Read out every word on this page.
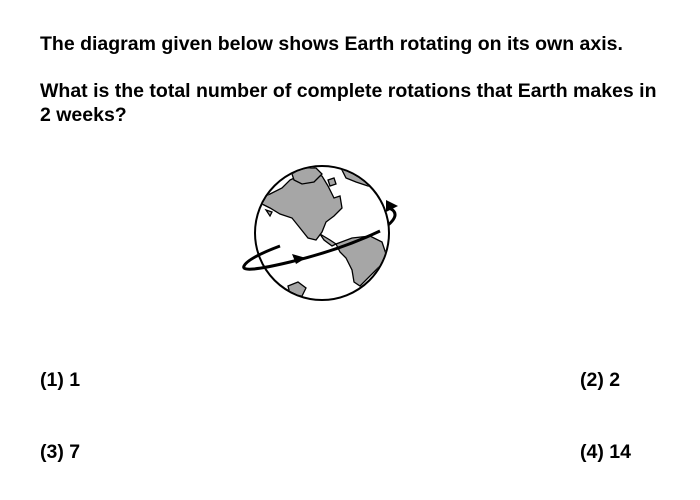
The diagram given below shows Earth rotating on its own axis.

What is the total number of complete rotations that Earth makes in 2 weeks?

(1) 1	(2) 2
(3) 7	(4) 14
